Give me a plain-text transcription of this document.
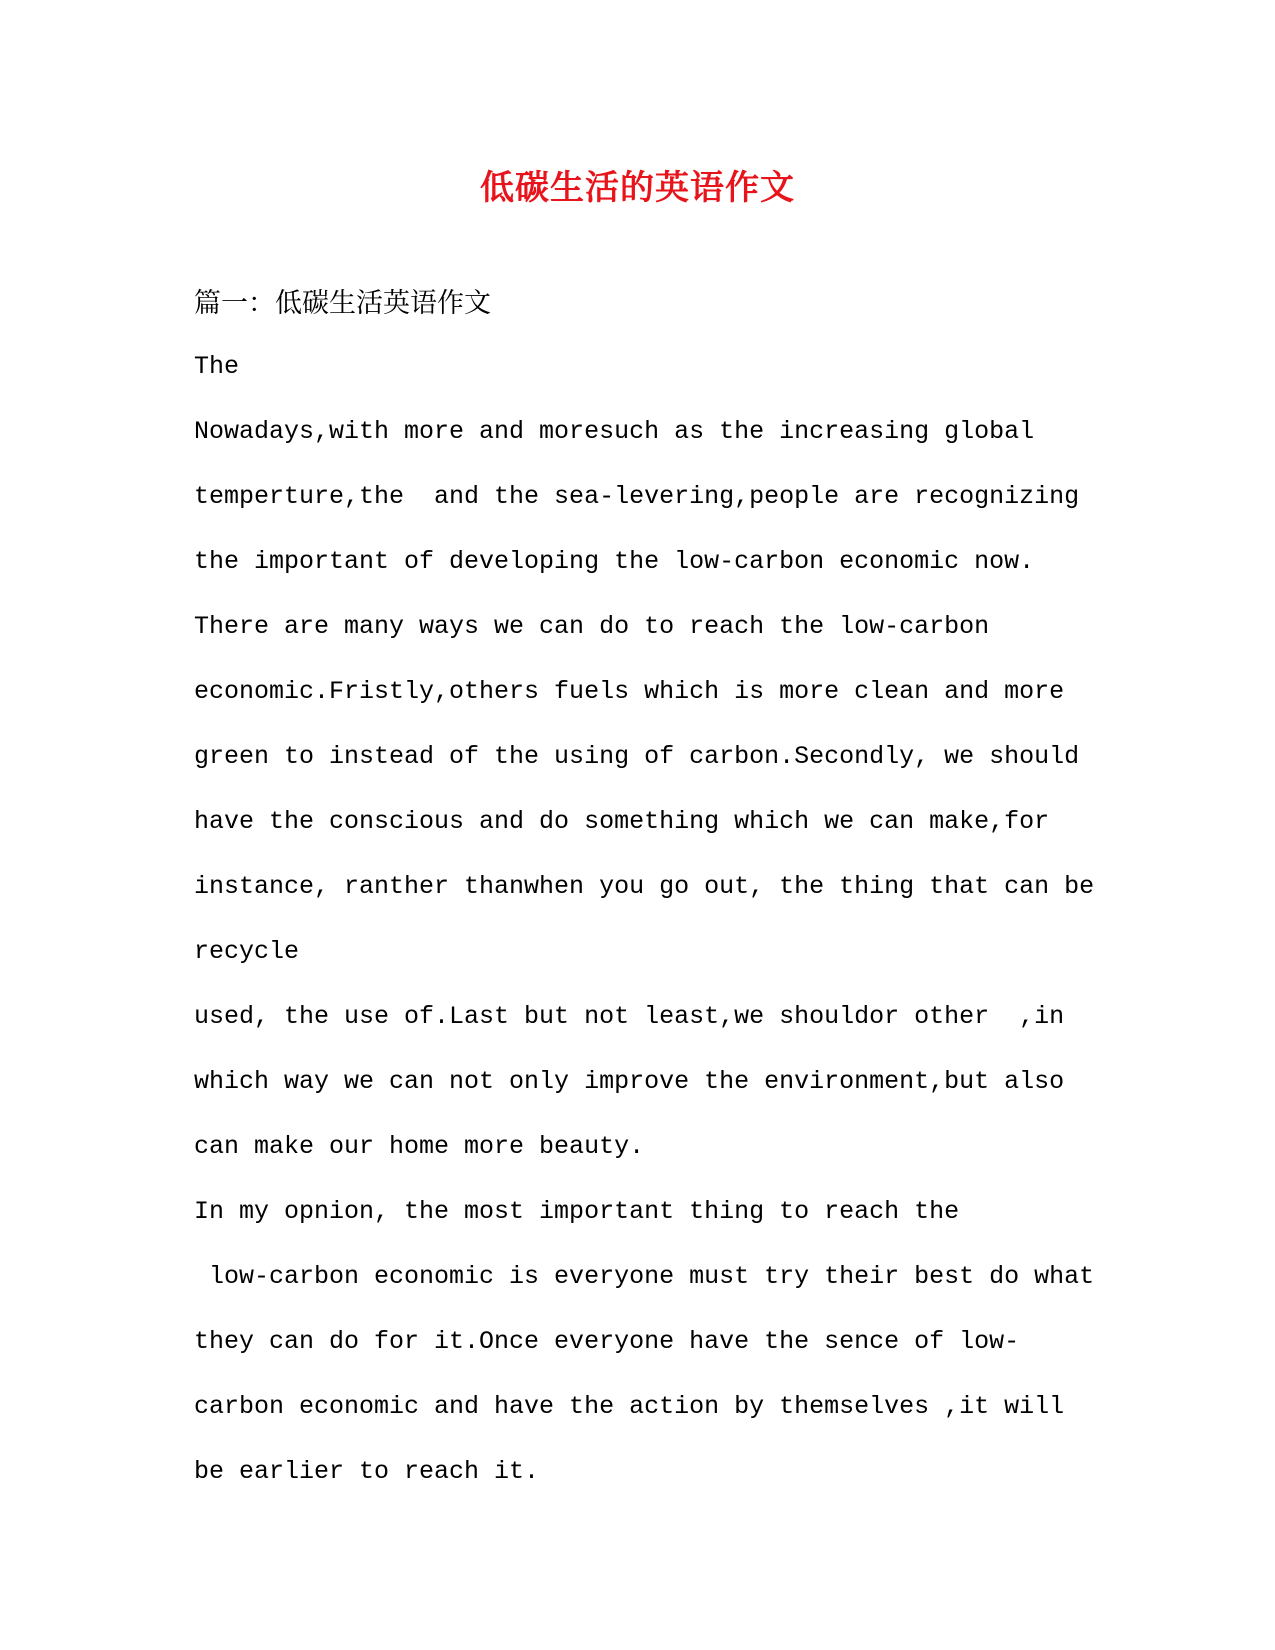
低碳生活的英语作文
篇一：低碳生活英语作文
The
Nowadays,with more and moresuch as the increasing global
temperture,the  and the sea-levering,people are recognizing
the important of developing the low-carbon economic now.
There are many ways we can do to reach the low-carbon
economic.Fristly,others fuels which is more clean and more
green to instead of the using of carbon.Secondly, we should
have the conscious and do something which we can make,for
instance, ranther thanwhen you go out, the thing that can be
recycle
used, the use of.Last but not least,we shouldor other  ,in
which way we can not only improve the environment,but also
can make our home more beauty.
In my opnion, the most important thing to reach the
low-carbon economic is everyone must try their best do what
they can do for it.Once everyone have the sence of low-
carbon economic and have the action by themselves ,it will
be earlier to reach it.
